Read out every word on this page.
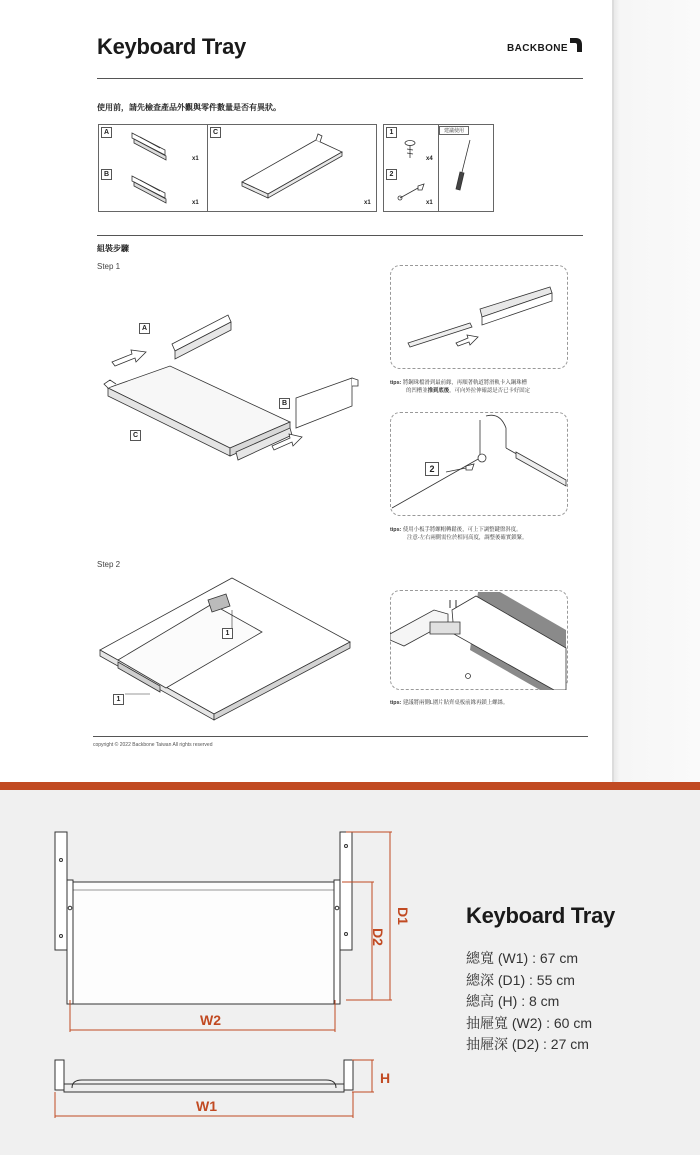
Keyboard Tray	BACKBONE
使用前，請先檢查產品外觀與零件數量是否有異狀。
A
B
C	1
2
建議使用
x1
x1	x1
x4
x1
組裝步驟
Step 1
Step 2
A
B
C
tips: 將鋼珠檔滑到最前緣，再順著軌道將滑軌卡入鋼珠槽
的凹槽並推到底後，可向外拉伸確認是否已卡好固定
2
tips: 使用小板手將螺帽轉鬆後，可上下調整鍵盤斜度。
注意-左右兩側需位於相同高度，調整後確實鎖緊。
1
1	tips: 建議將兩側L圍片貼齊桌板前緣再鎖上螺絲。
copyright © 2022 Backbone Taiwan All rights reserved
D1
D2
W2
H
W1
Keyboard Tray
總寬 (W1) : 67 cm
總深 (D1) : 55 cm
總高 (H) : 8 cm
抽屜寬 (W2) : 60 cm
抽屜深 (D2) : 27 cm
